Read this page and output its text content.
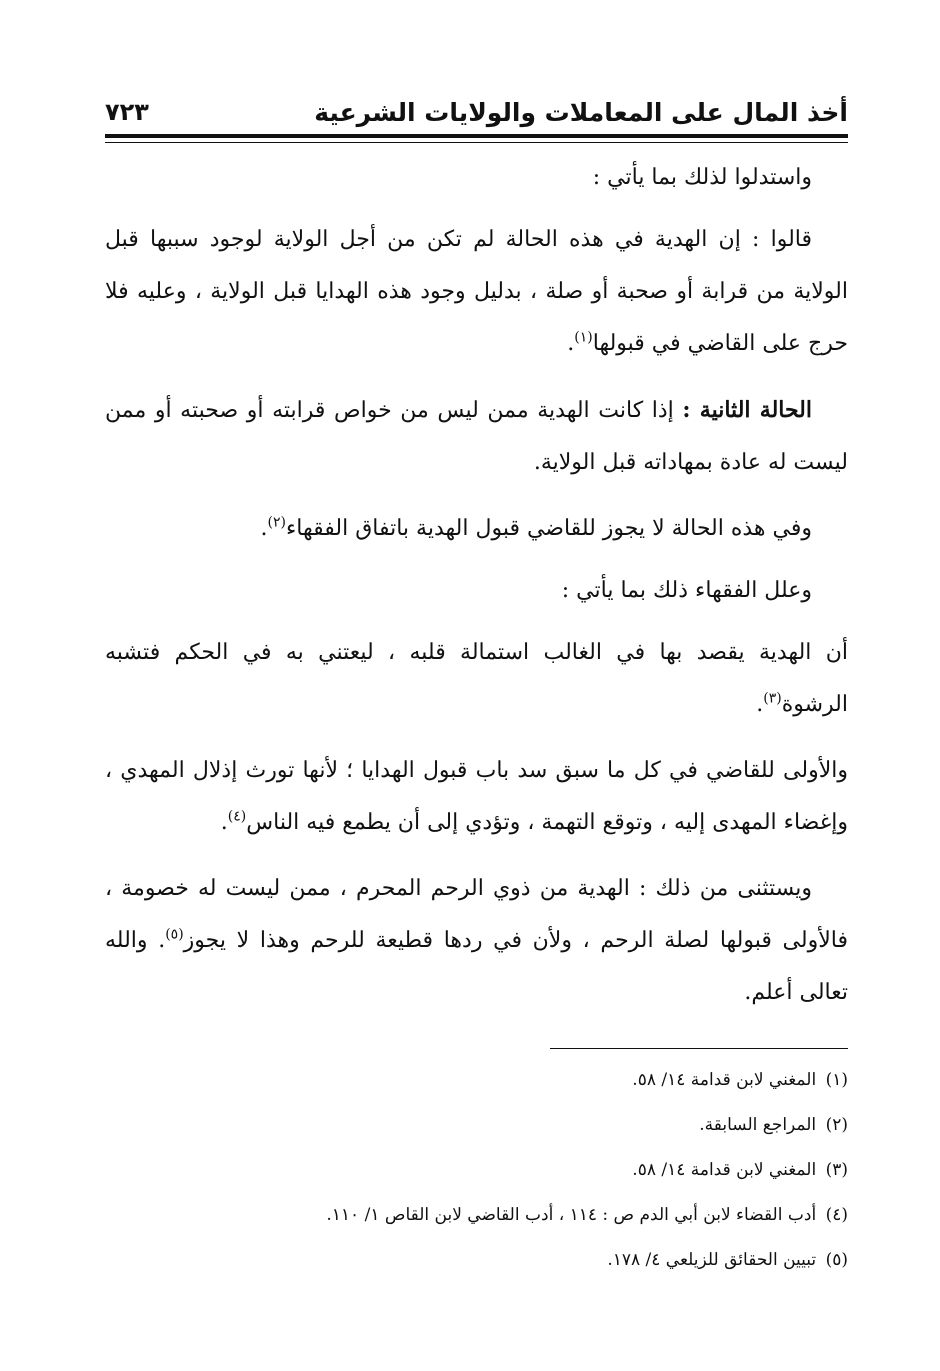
أخذ المال على المعاملات والولايات الشرعية
٧٢٣

واستدلوا لذلك بما يأتي :

قالوا : إن الهدية في هذه الحالة لم تكن من أجل الولاية لوجود سببها قبل الولاية من قرابة أو صحبة أو صلة ، بدليل وجود هذه الهدايا قبل الولاية ، وعليه فلا حرج على القاضي في قبولها$^{(١)}$.

الحالة الثانية : إذا كانت الهدية ممن ليس من خواص قرابته أو صحبته أو ممن ليست له عادة بمهاداته قبل الولاية.

وفي هذه الحالة لا يجوز للقاضي قبول الهدية باتفاق الفقهاء$^{(٢)}$.

وعلل الفقهاء ذلك بما يأتي :

أن الهدية يقصد بها في الغالب استمالة قلبه ، ليعتني به في الحكم فتشبه الرشوة$^{(٣)}$.

والأولى للقاضي في كل ما سبق سد باب قبول الهدايا ؛ لأنها تورث إذلال المهدي ، وإغضاء المهدى إليه ، وتوقع التهمة ، وتؤدي إلى أن يطمع فيه الناس$^{(٤)}$.

ويستثنى من ذلك : الهدية من ذوي الرحم المحرم ، ممن ليست له خصومة ، فالأولى قبولها لصلة الرحم ، ولأن في ردها قطيعة للرحم وهذا لا يجوز$^{(٥)}$. والله تعالى أعلم.

(١) المغني لابن قدامة ١٤/ ٥٨.

(٢) المراجع السابقة.

(٣) المغني لابن قدامة ١٤/ ٥٨.

(٤) أدب القضاء لابن أبي الدم ص : ١١٤ ، أدب القاضي لابن القاص ١/ ١١٠.

(٥) تبيين الحقائق للزيلعي ٤/ ١٧٨.
